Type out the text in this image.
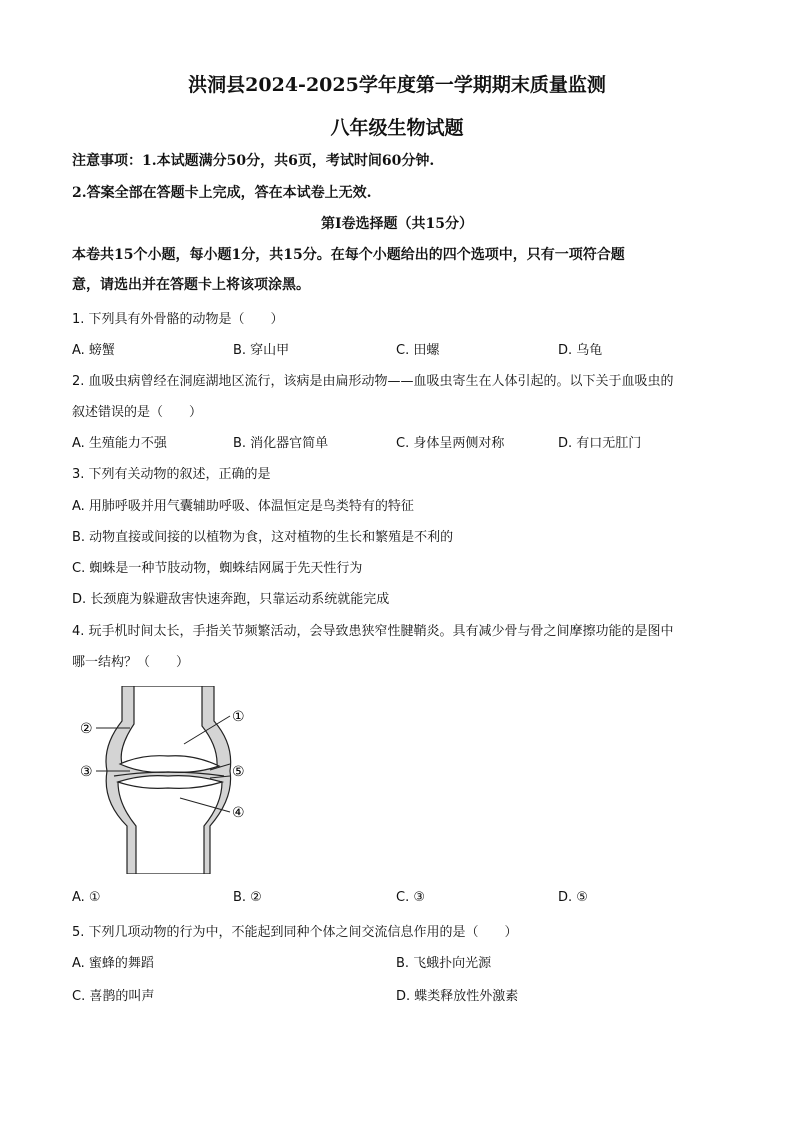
洪洞县2024-2025学年度第一学期期末质量监测
八年级生物试题
注意事项：1.本试题满分50分，共6页，考试时间60分钟.
2.答案全部在答题卡上完成，答在本试卷上无效.
第Ⅰ卷选择题（共15分）
本卷共15个小题，每小题1分，共15分。在每个小题给出的四个选项中，只有一项符合题
意，请选出并在答题卡上将该项涂黑。
1. 下列具有外骨骼的动物是（　　）
A. 螃蟹	B. 穿山甲	C. 田螺	D. 乌龟
2. 血吸虫病曾经在洞庭湖地区流行，该病是由扁形动物——血吸虫寄生在人体引起的。以下关于血吸虫的
叙述错误的是（　　）
A. 生殖能力不强	B. 消化器官简单	C. 身体呈两侧对称	D. 有口无肛门
3. 下列有关动物的叙述，正确的是
A. 用肺呼吸并用气囊辅助呼吸、体温恒定是鸟类特有的特征
B. 动物直接或间接的以植物为食，这对植物的生长和繁殖是不利的
C. 蜘蛛是一种节肢动物，蜘蛛结网属于先天性行为
D. 长颈鹿为躲避敌害快速奔跑，只靠运动系统就能完成
4. 玩手机时间太长，手指关节频繁活动，会导致患狭窄性腱鞘炎。具有减少骨与骨之间摩擦功能的是图中
哪一结构？（　　）
①
②
③	⑤
④
A. ①	B. ②	C. ③	D. ⑤
5. 下列几项动物的行为中，不能起到同种个体之间交流信息作用的是（　　）
A. 蜜蜂的舞蹈	B. 飞蛾扑向光源
C. 喜鹊的叫声	D. 蝶类释放性外激素
